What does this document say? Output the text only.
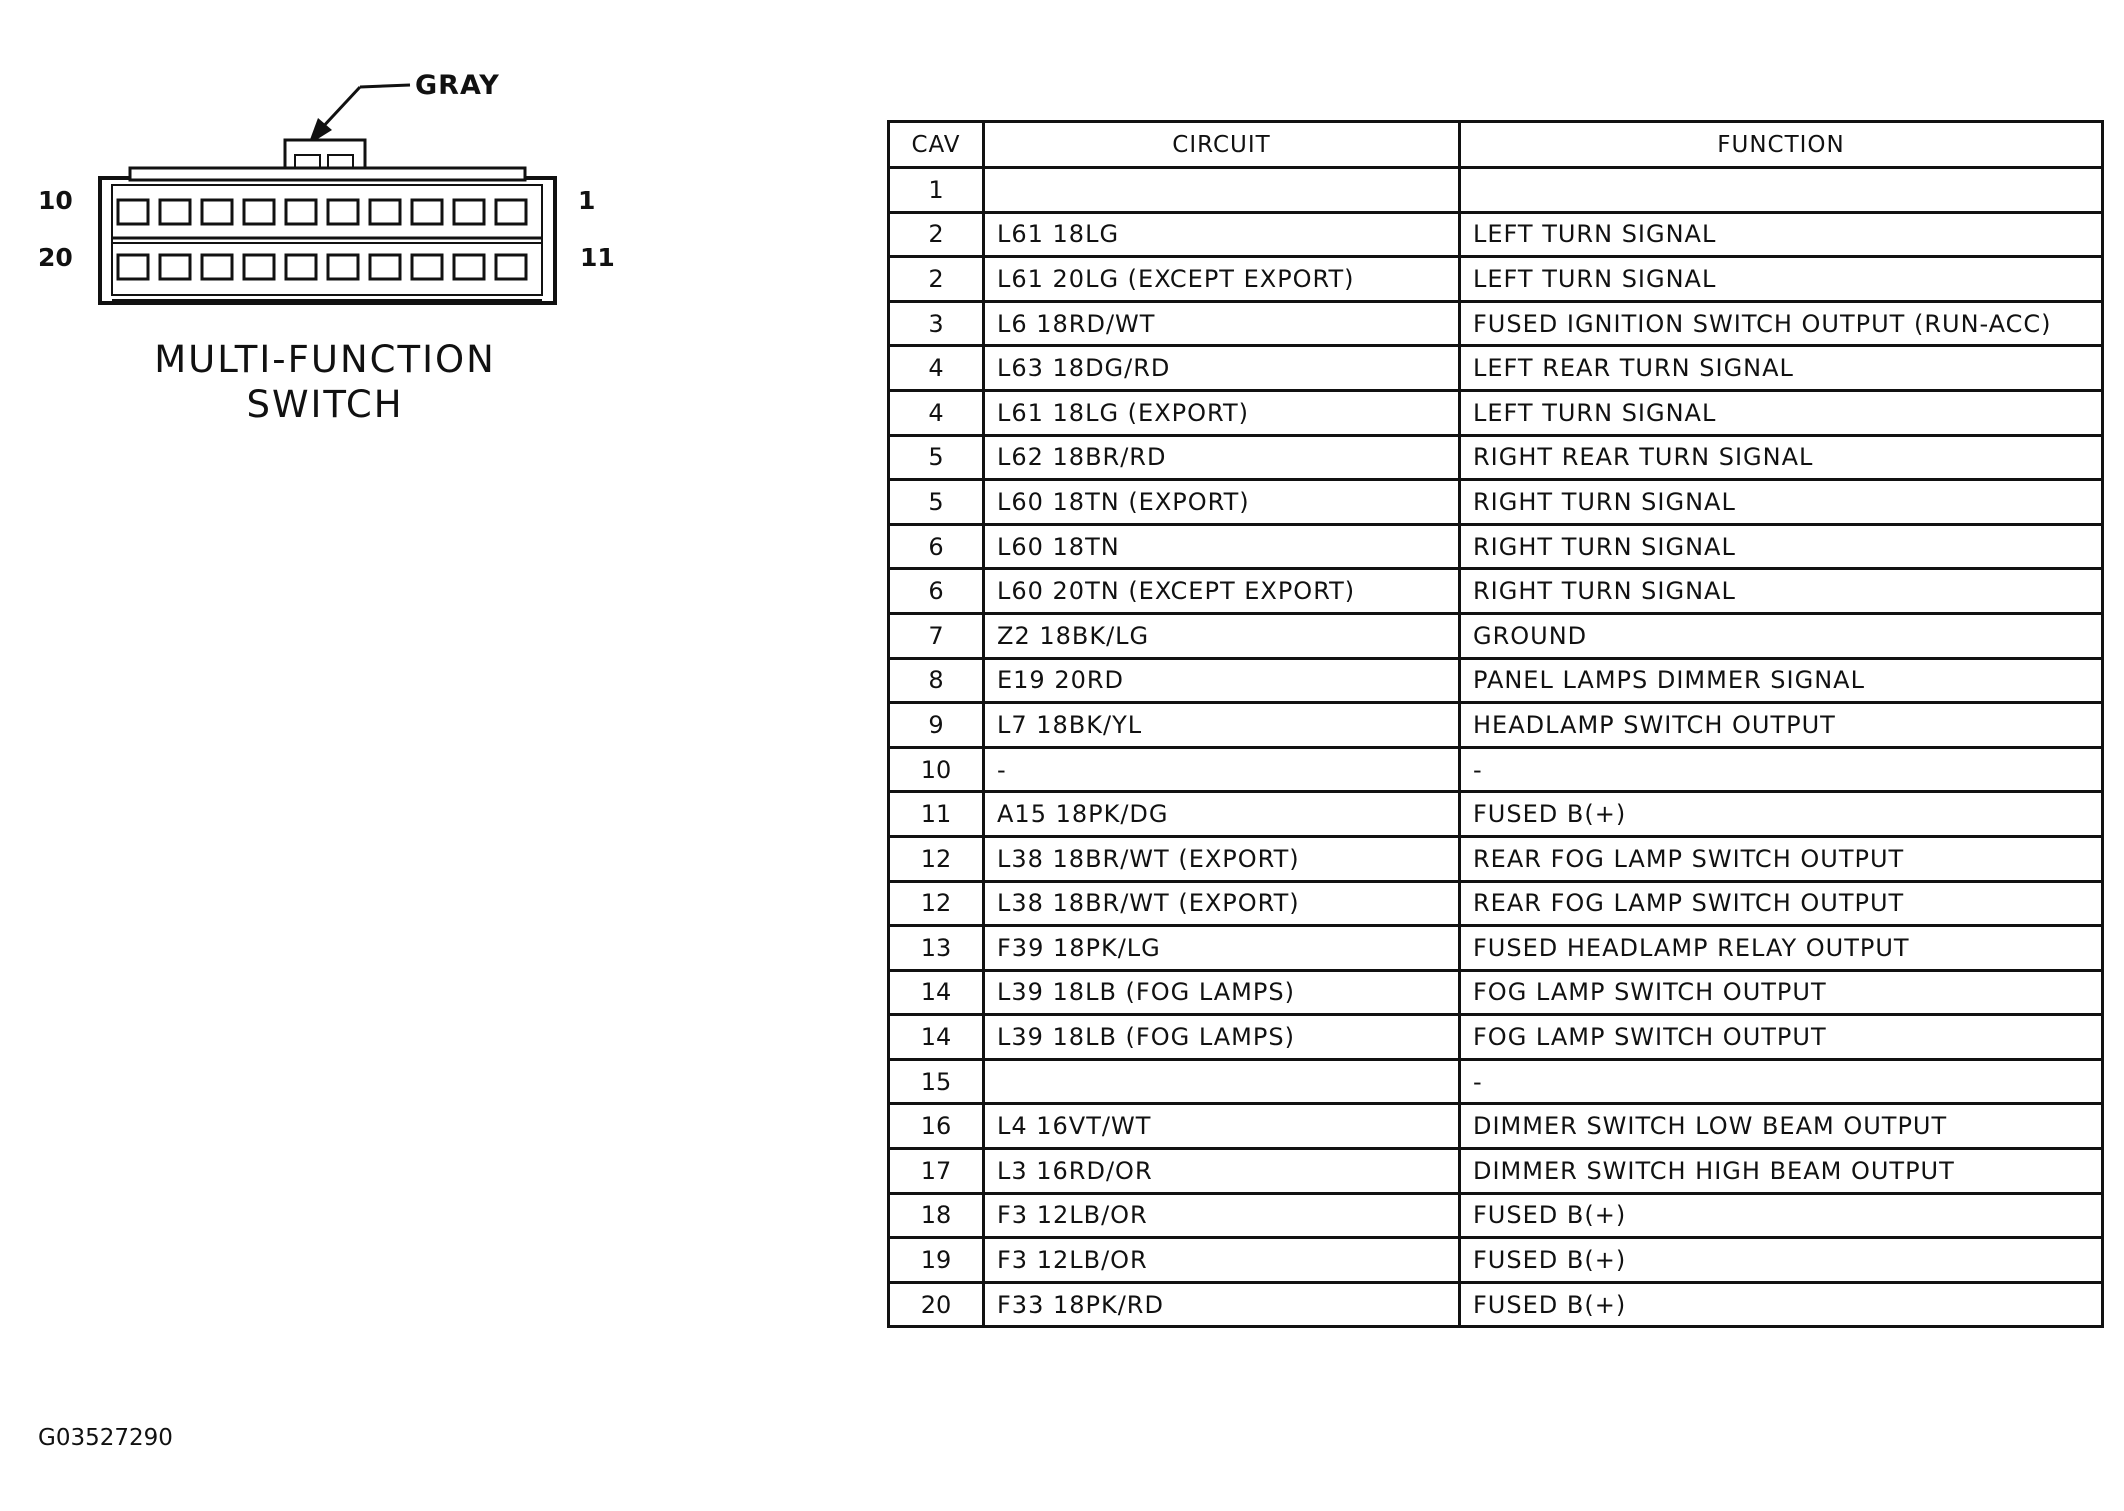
GRAY
10	1
20	11
MULTI-FUNCTION
SWITCH
CAV	CIRCUIT	FUNCTION
1		
2	L61 18LG	LEFT TURN SIGNAL
2	L61 20LG (EXCEPT EXPORT)	LEFT TURN SIGNAL
3	L6 18RD/WT	FUSED IGNITION SWITCH OUTPUT (RUN-ACC)
4	L63 18DG/RD	LEFT REAR TURN SIGNAL
4	L61 18LG (EXPORT)	LEFT TURN SIGNAL
5	L62 18BR/RD	RIGHT REAR TURN SIGNAL
5	L60 18TN (EXPORT)	RIGHT TURN SIGNAL
6	L60 18TN	RIGHT TURN SIGNAL
6	L60 20TN (EXCEPT EXPORT)	RIGHT TURN SIGNAL
7	Z2 18BK/LG	GROUND
8	E19 20RD	PANEL LAMPS DIMMER SIGNAL
9	L7 18BK/YL	HEADLAMP SWITCH OUTPUT
10	-	-
11	A15 18PK/DG	FUSED B(+)
12	L38 18BR/WT (EXPORT)	REAR FOG LAMP SWITCH OUTPUT
12	L38 18BR/WT (EXPORT)	REAR FOG LAMP SWITCH OUTPUT
13	F39 18PK/LG	FUSED HEADLAMP RELAY OUTPUT
14	L39 18LB (FOG LAMPS)	FOG LAMP SWITCH OUTPUT
14	L39 18LB (FOG LAMPS)	FOG LAMP SWITCH OUTPUT
15		-
16	L4 16VT/WT	DIMMER SWITCH LOW BEAM OUTPUT
17	L3 16RD/OR	DIMMER SWITCH HIGH BEAM OUTPUT
18	F3 12LB/OR	FUSED B(+)
19	F3 12LB/OR	FUSED B(+)
20	F33 18PK/RD	FUSED B(+)
G03527290
